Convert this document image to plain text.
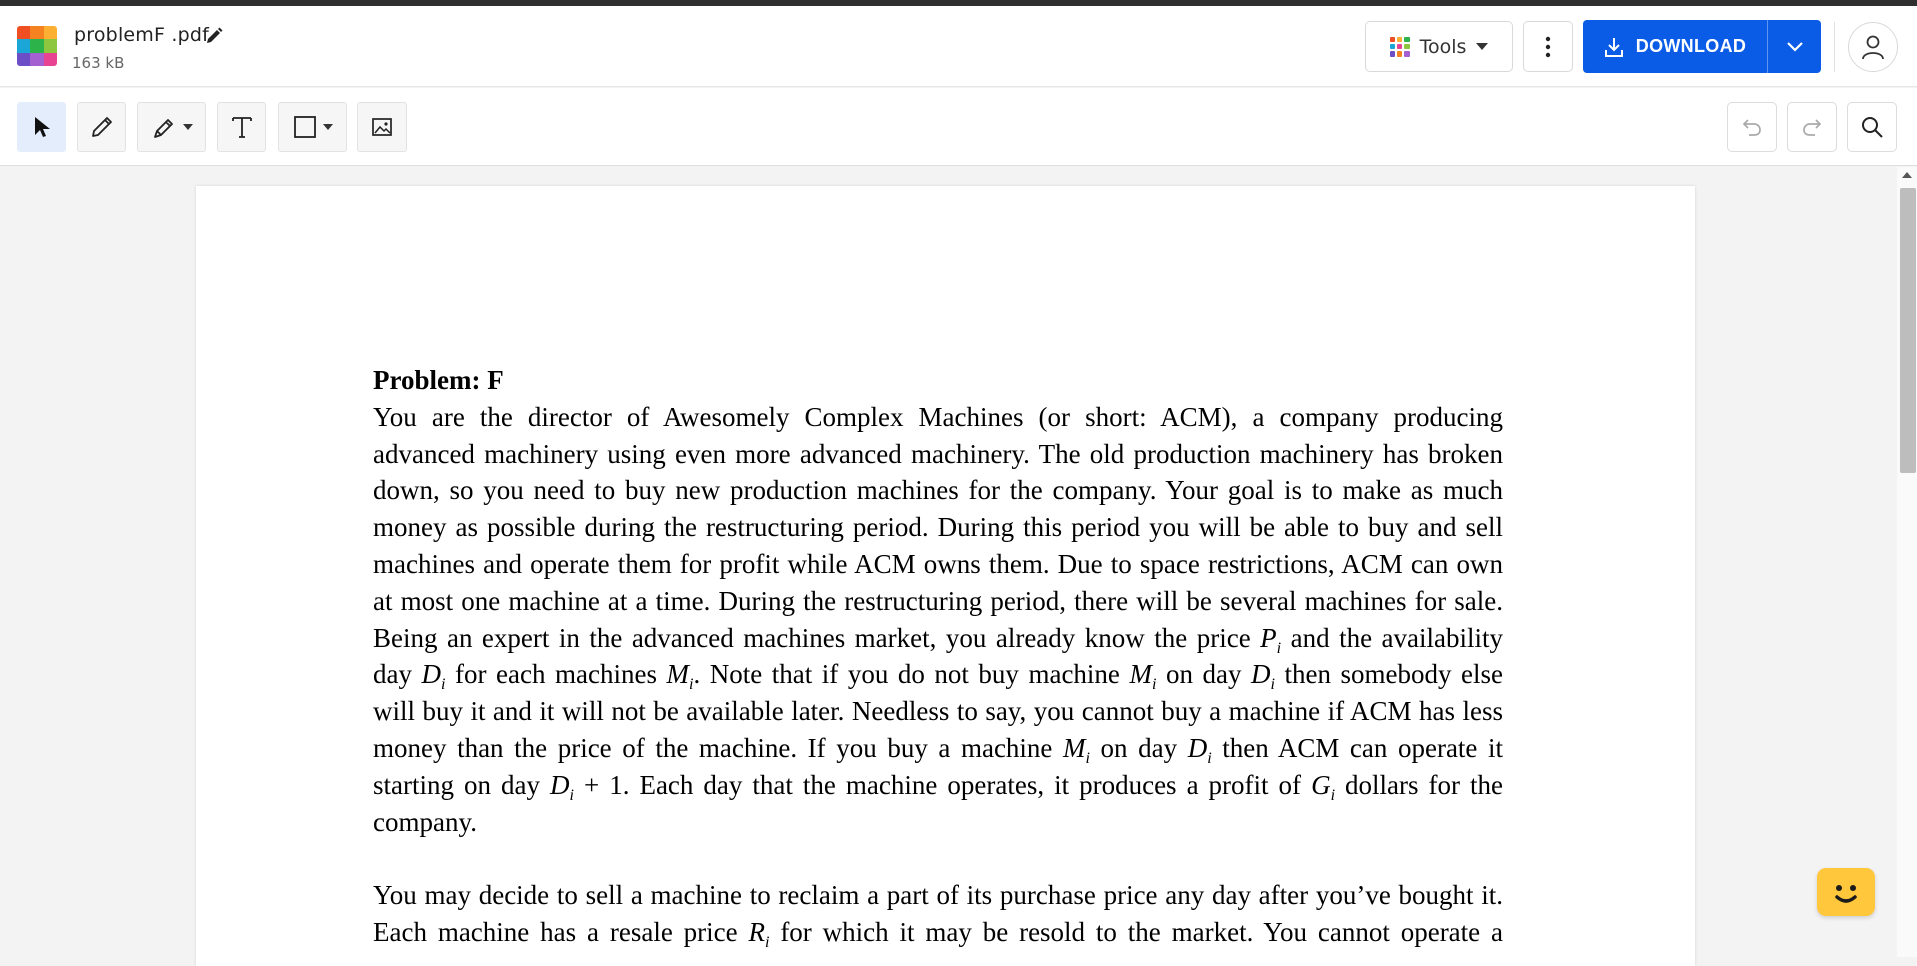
problemF .pdf
163 kB
Tools	DOWNLOAD
Problem: F
You are the director of Awesomely Complex Machines (or short: ACM), a company producing
advanced machinery using even more advanced machinery. The old production machinery has broken
down, so you need to buy new production machines for the company. Your goal is to make as much
money as possible during the restructuring period. During this period you will be able to buy and sell
machines and operate them for profit while ACM owns them. Due to space restrictions, ACM can own
at most one machine at a time. During the restructuring period, there will be several machines for sale.
Being an expert in the advanced machines market, you already know the price $P_i$ and the availability
day $D_i$ for each machines $M_i$. Note that if you do not buy machine $M_i$ on day $D_i$ then somebody else
will buy it and it will not be available later. Needless to say, you cannot buy a machine if ACM has less
money than the price of the machine. If you buy a machine $M_i$ on day $D_i$ then ACM can operate it
starting on day $D_i + 1$. Each day that the machine operates, it produces a profit of $G_i$ dollars for the
company.
You may decide to sell a machine to reclaim a part of its purchase price any day after you’ve bought it.
Each machine has a resale price $R_i$ for which it may be resold to the market. You cannot operate a
